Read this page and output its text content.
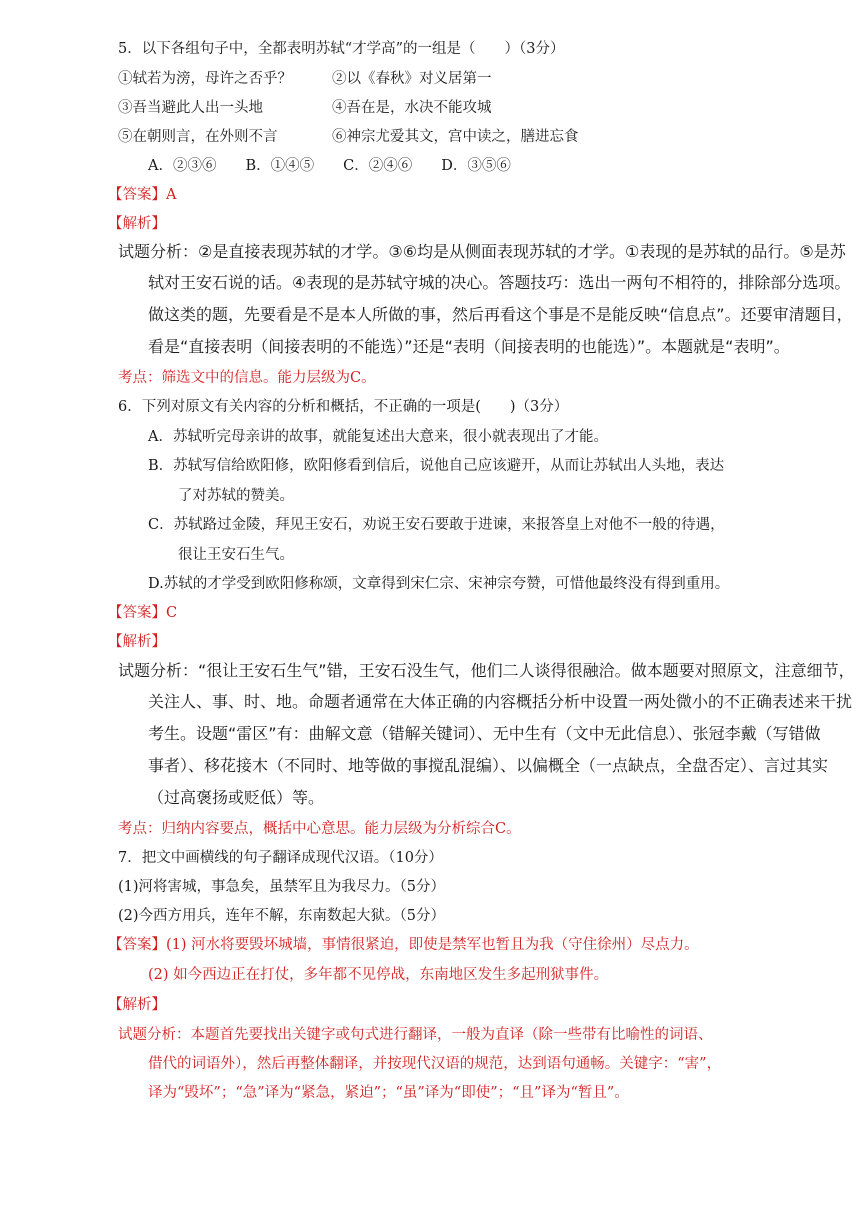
5．以下各组句子中，全都表明苏轼“才学高”的一组是（　　）（3分）
①轼若为滂，母许之否乎？	②以《春秋》对义居第一
③吾当避此人出一头地	④吾在是，水决不能攻城
⑤在朝则言，在外则不言	⑥神宗尤爱其文，宫中读之，膳进忘食
A．②③⑥　　B．①④⑤　　C．②④⑥　　D．③⑤⑥
【答案】A
【解析】
试题分析：②是直接表现苏轼的才学。③⑥均是从侧面表现苏轼的才学。①表现的是苏轼的品行。⑤是苏
轼对王安石说的话。④表现的是苏轼守城的决心。答题技巧：选出一两句不相符的，排除部分选项。
做这类的题，先要看是不是本人所做的事，然后再看这个事是不是能反映“信息点”。还要审清题目，
看是“直接表明（间接表明的不能选）”还是“表明（间接表明的也能选）”。本题就是“表明”。
考点：筛选文中的信息。能力层级为C。
6．下列对原文有关内容的分析和概括，不正确的一项是(　　)（3分）
A．苏轼听完母亲讲的故事，就能复述出大意来，很小就表现出了才能。
B．苏轼写信给欧阳修，欧阳修看到信后，说他自己应该避开，从而让苏轼出人头地，表达
了对苏轼的赞美。
C．苏轼路过金陵，拜见王安石，劝说王安石要敢于进谏，来报答皇上对他不一般的待遇，
很让王安石生气。
D.苏轼的才学受到欧阳修称颂，文章得到宋仁宗、宋神宗夸赞，可惜他最终没有得到重用。
【答案】C
【解析】
试题分析：“很让王安石生气”错，王安石没生气，他们二人谈得很融洽。做本题要对照原文，注意细节，
关注人、事、时、地。命题者通常在大体正确的内容概括分析中设置一两处微小的不正确表述来干扰
考生。设题“雷区”有：曲解文意（错解关键词）、无中生有（文中无此信息）、张冠李戴（写错做
事者）、移花接木（不同时、地等做的事搅乱混编）、以偏概全（一点缺点，全盘否定）、言过其实
（过高褒扬或贬低）等。
考点：归纳内容要点，概括中心意思。能力层级为分析综合C。
7．把文中画横线的句子翻译成现代汉语。（10分）
(1)河将害城，事急矣，虽禁军且为我尽力。（5分）
(2)今西方用兵，连年不解，东南数起大狱。（5分）
【答案】(1) 河水将要毁坏城墙，事情很紧迫，即使是禁军也暂且为我（守住徐州）尽点力。
(2) 如今西边正在打仗，多年都不见停战，东南地区发生多起刑狱事件。
【解析】
试题分析：本题首先要找出关键字或句式进行翻译，一般为直译（除一些带有比喻性的词语、
借代的词语外），然后再整体翻译，并按现代汉语的规范，达到语句通畅。关键字：“害”，
译为“毁坏”；“急”译为“紧急，紧迫”；“虽”译为“即使”；“且”译为“暂且”。
